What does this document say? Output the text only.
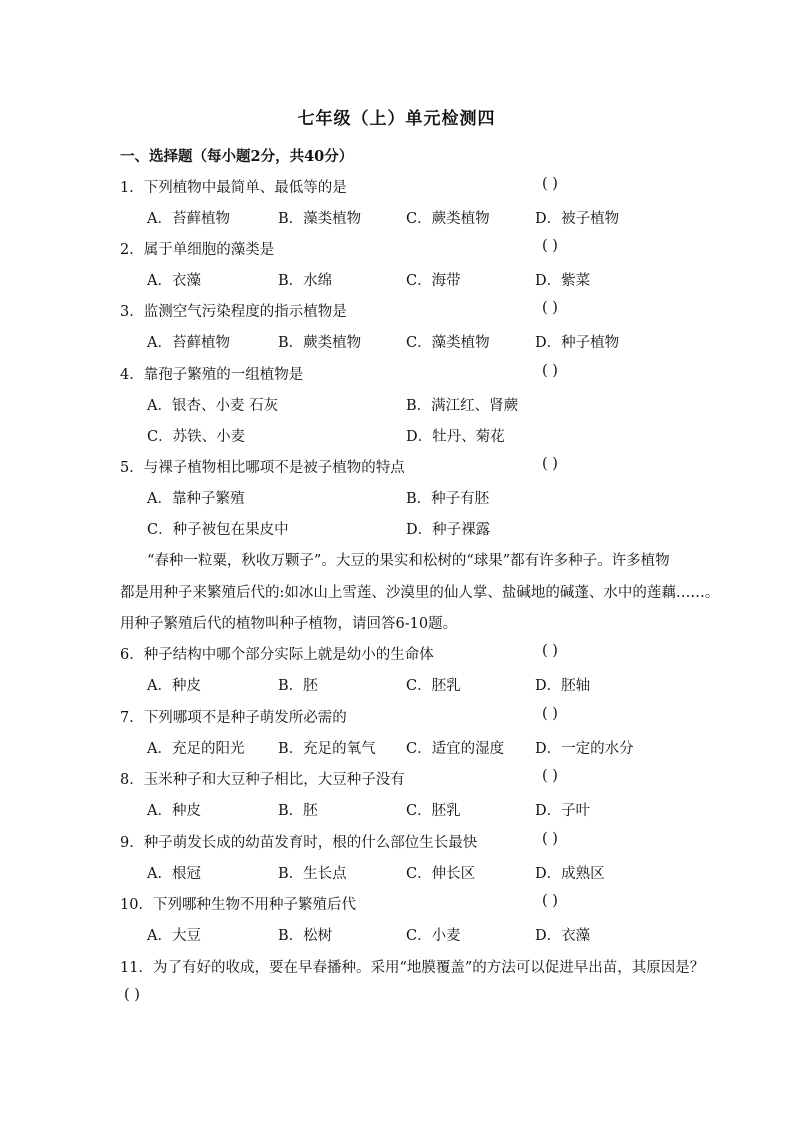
七年级（上）单元检测四
一、选择题（每小题2分，共40分）
1．下列植物中最简单、最低等的是	( )
A．苔藓植物	B．藻类植物	C．蕨类植物	D．被子植物
2．属于单细胞的藻类是	( )
A．衣藻	B．水绵	C．海带	D．紫菜
3．监测空气污染程度的指示植物是	( )
A．苔藓植物	B．蕨类植物	C．藻类植物	D．种子植物
4．靠孢子繁殖的一组植物是	( )
A．银杏、小麦 石灰	B．满江红、肾蕨
C．苏铁、小麦	D．牡丹、菊花
5．与裸子植物相比哪项不是被子植物的特点	( )
A．靠种子繁殖	B．种子有胚
C．种子被包在果皮中	D．种子裸露
“春种一粒粟，秋收万颗子”。大豆的果实和松树的“球果”都有许多种子。许多植物
都是用种子来繁殖后代的:如冰山上雪莲、沙漠里的仙人掌、盐碱地的碱蓬、水中的莲藕……。
用种子繁殖后代的植物叫种子植物，请回答6-10题。
6．种子结构中哪个部分实际上就是幼小的生命体	( )
A．种皮	B．胚	C．胚乳	D．胚轴
7．下列哪项不是种子萌发所必需的	( )
A．充足的阳光 B．充足的氧气 C．适宜的湿度 D．一定的水分
8．玉米种子和大豆种子相比，大豆种子没有	( )
A．种皮	B．胚	C．胚乳	D．子叶
9．种子萌发长成的幼苗发育时，根的什么部位生长最快	( )
A．根冠	B．生长点	C．伸长区	D．成熟区
10．下列哪种生物不用种子繁殖后代	( )
A．大豆	B．松树	C．小麦	D．衣藻
11．为了有好的收成，要在早春播种。采用“地膜覆盖”的方法可以促进早出苗，其原因是？
( )
